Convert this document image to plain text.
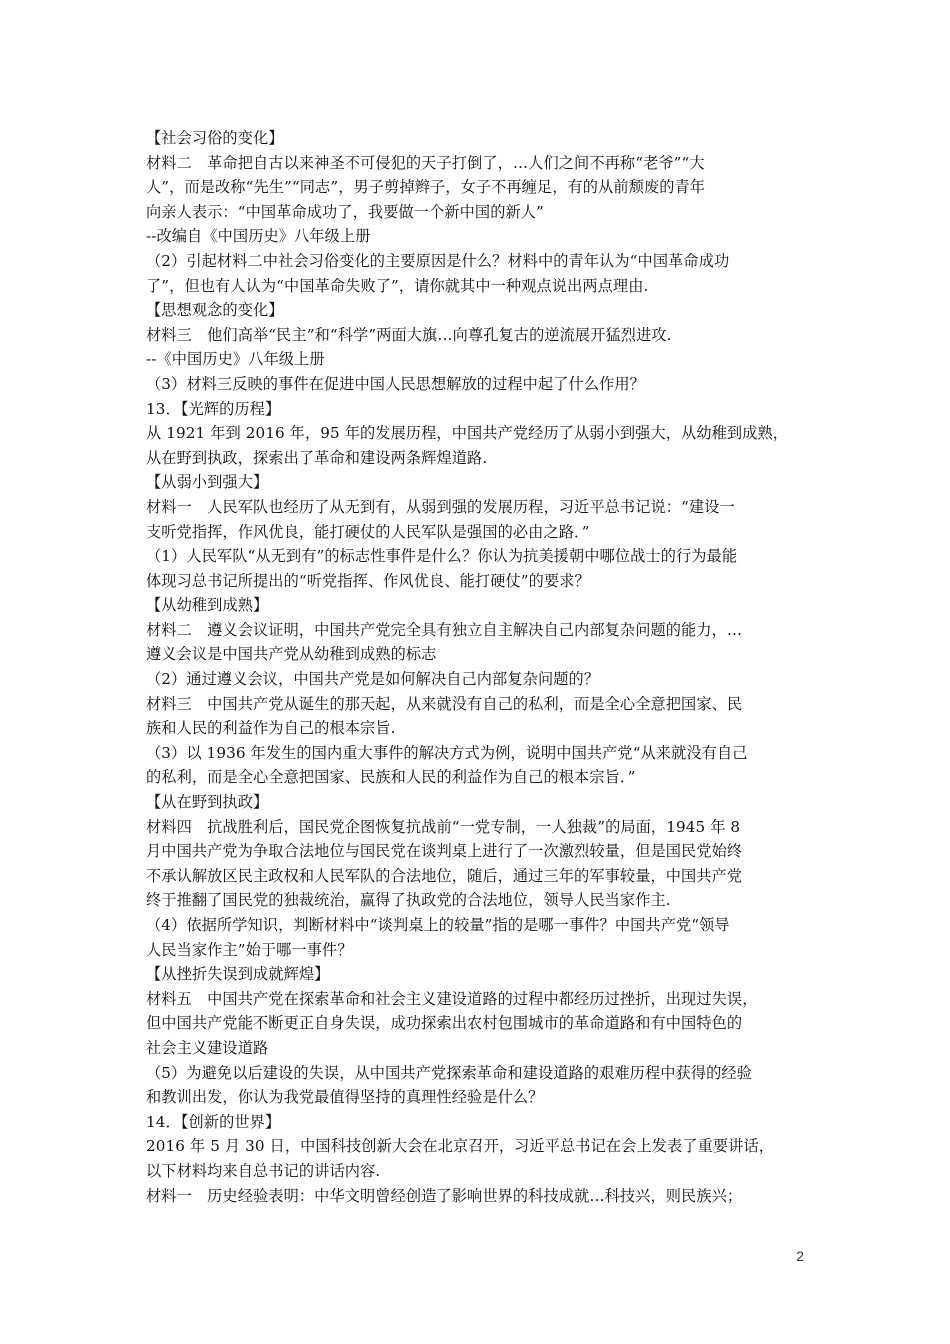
【社会习俗的变化】
材料二　革命把自古以来神圣不可侵犯的天子打倒了，…人们之间不再称“老爷”“大
人”，而是改称“先生”“同志”，男子剪掉辫子，女子不再缠足，有的从前颓废的青年
向亲人表示：“中国革命成功了，我要做一个新中国的新人”
--改编自《中国历史》八年级上册
（2）引起材料二中社会习俗变化的主要原因是什么？材料中的青年认为“中国革命成功
了”，但也有人认为“中国革命失败了”，请你就其中一种观点说出两点理由.
【思想观念的变化】
材料三　他们高举“民主”和“科学”两面大旗…向尊孔复古的逆流展开猛烈进攻.
--《中国历史》八年级上册
（3）材料三反映的事件在促进中国人民思想解放的过程中起了什么作用？
13．【光辉的历程】
从 1921 年到 2016 年，95 年的发展历程，中国共产党经历了从弱小到强大，从幼稚到成熟，
从在野到执政，探索出了革命和建设两条辉煌道路.
【从弱小到强大】
材料一　人民军队也经历了从无到有，从弱到强的发展历程，习近平总书记说：“建设一
支听党指挥，作风优良，能打硬仗的人民军队是强国的必由之路．”
（1）人民军队“从无到有”的标志性事件是什么？你认为抗美援朝中哪位战士的行为最能
体现习总书记所提出的“听党指挥、作风优良、能打硬仗”的要求？
【从幼稚到成熟】
材料二　遵义会议证明，中国共产党完全具有独立自主解决自己内部复杂问题的能力，…
遵义会议是中国共产党从幼稚到成熟的标志
（2）通过遵义会议，中国共产党是如何解决自己内部复杂问题的？
材料三　中国共产党从诞生的那天起，从来就没有自己的私利，而是全心全意把国家、民
族和人民的利益作为自己的根本宗旨.
（3）以 1936 年发生的国内重大事件的解决方式为例，说明中国共产党“从来就没有自己
的私利，而是全心全意把国家、民族和人民的利益作为自己的根本宗旨．”
【从在野到执政】
材料四　抗战胜利后，国民党企图恢复抗战前“一党专制，一人独裁”的局面，1945 年 8
月中国共产党为争取合法地位与国民党在谈判桌上进行了一次激烈较量，但是国民党始终
不承认解放区民主政权和人民军队的合法地位，随后，通过三年的军事较量，中国共产党
终于推翻了国民党的独裁统治，赢得了执政党的合法地位，领导人民当家作主.
（4）依据所学知识，判断材料中“谈判桌上的较量”指的是哪一事件？中国共产党“领导
人民当家作主”始于哪一事件？
【从挫折失误到成就辉煌】
材料五　中国共产党在探索革命和社会主义建设道路的过程中都经历过挫折，出现过失误，
但中国共产党能不断更正自身失误，成功探索出农村包围城市的革命道路和有中国特色的
社会主义建设道路
（5）为避免以后建设的失误，从中国共产党探索革命和建设道路的艰难历程中获得的经验
和教训出发，你认为我党最值得坚持的真理性经验是什么？
14．【创新的世界】
2016 年 5 月 30 日，中国科技创新大会在北京召开，习近平总书记在会上发表了重要讲话，
以下材料均来自总书记的讲话内容.
材料一　历史经验表明：中华文明曾经创造了影响世界的科技成就…科技兴，则民族兴；
2
